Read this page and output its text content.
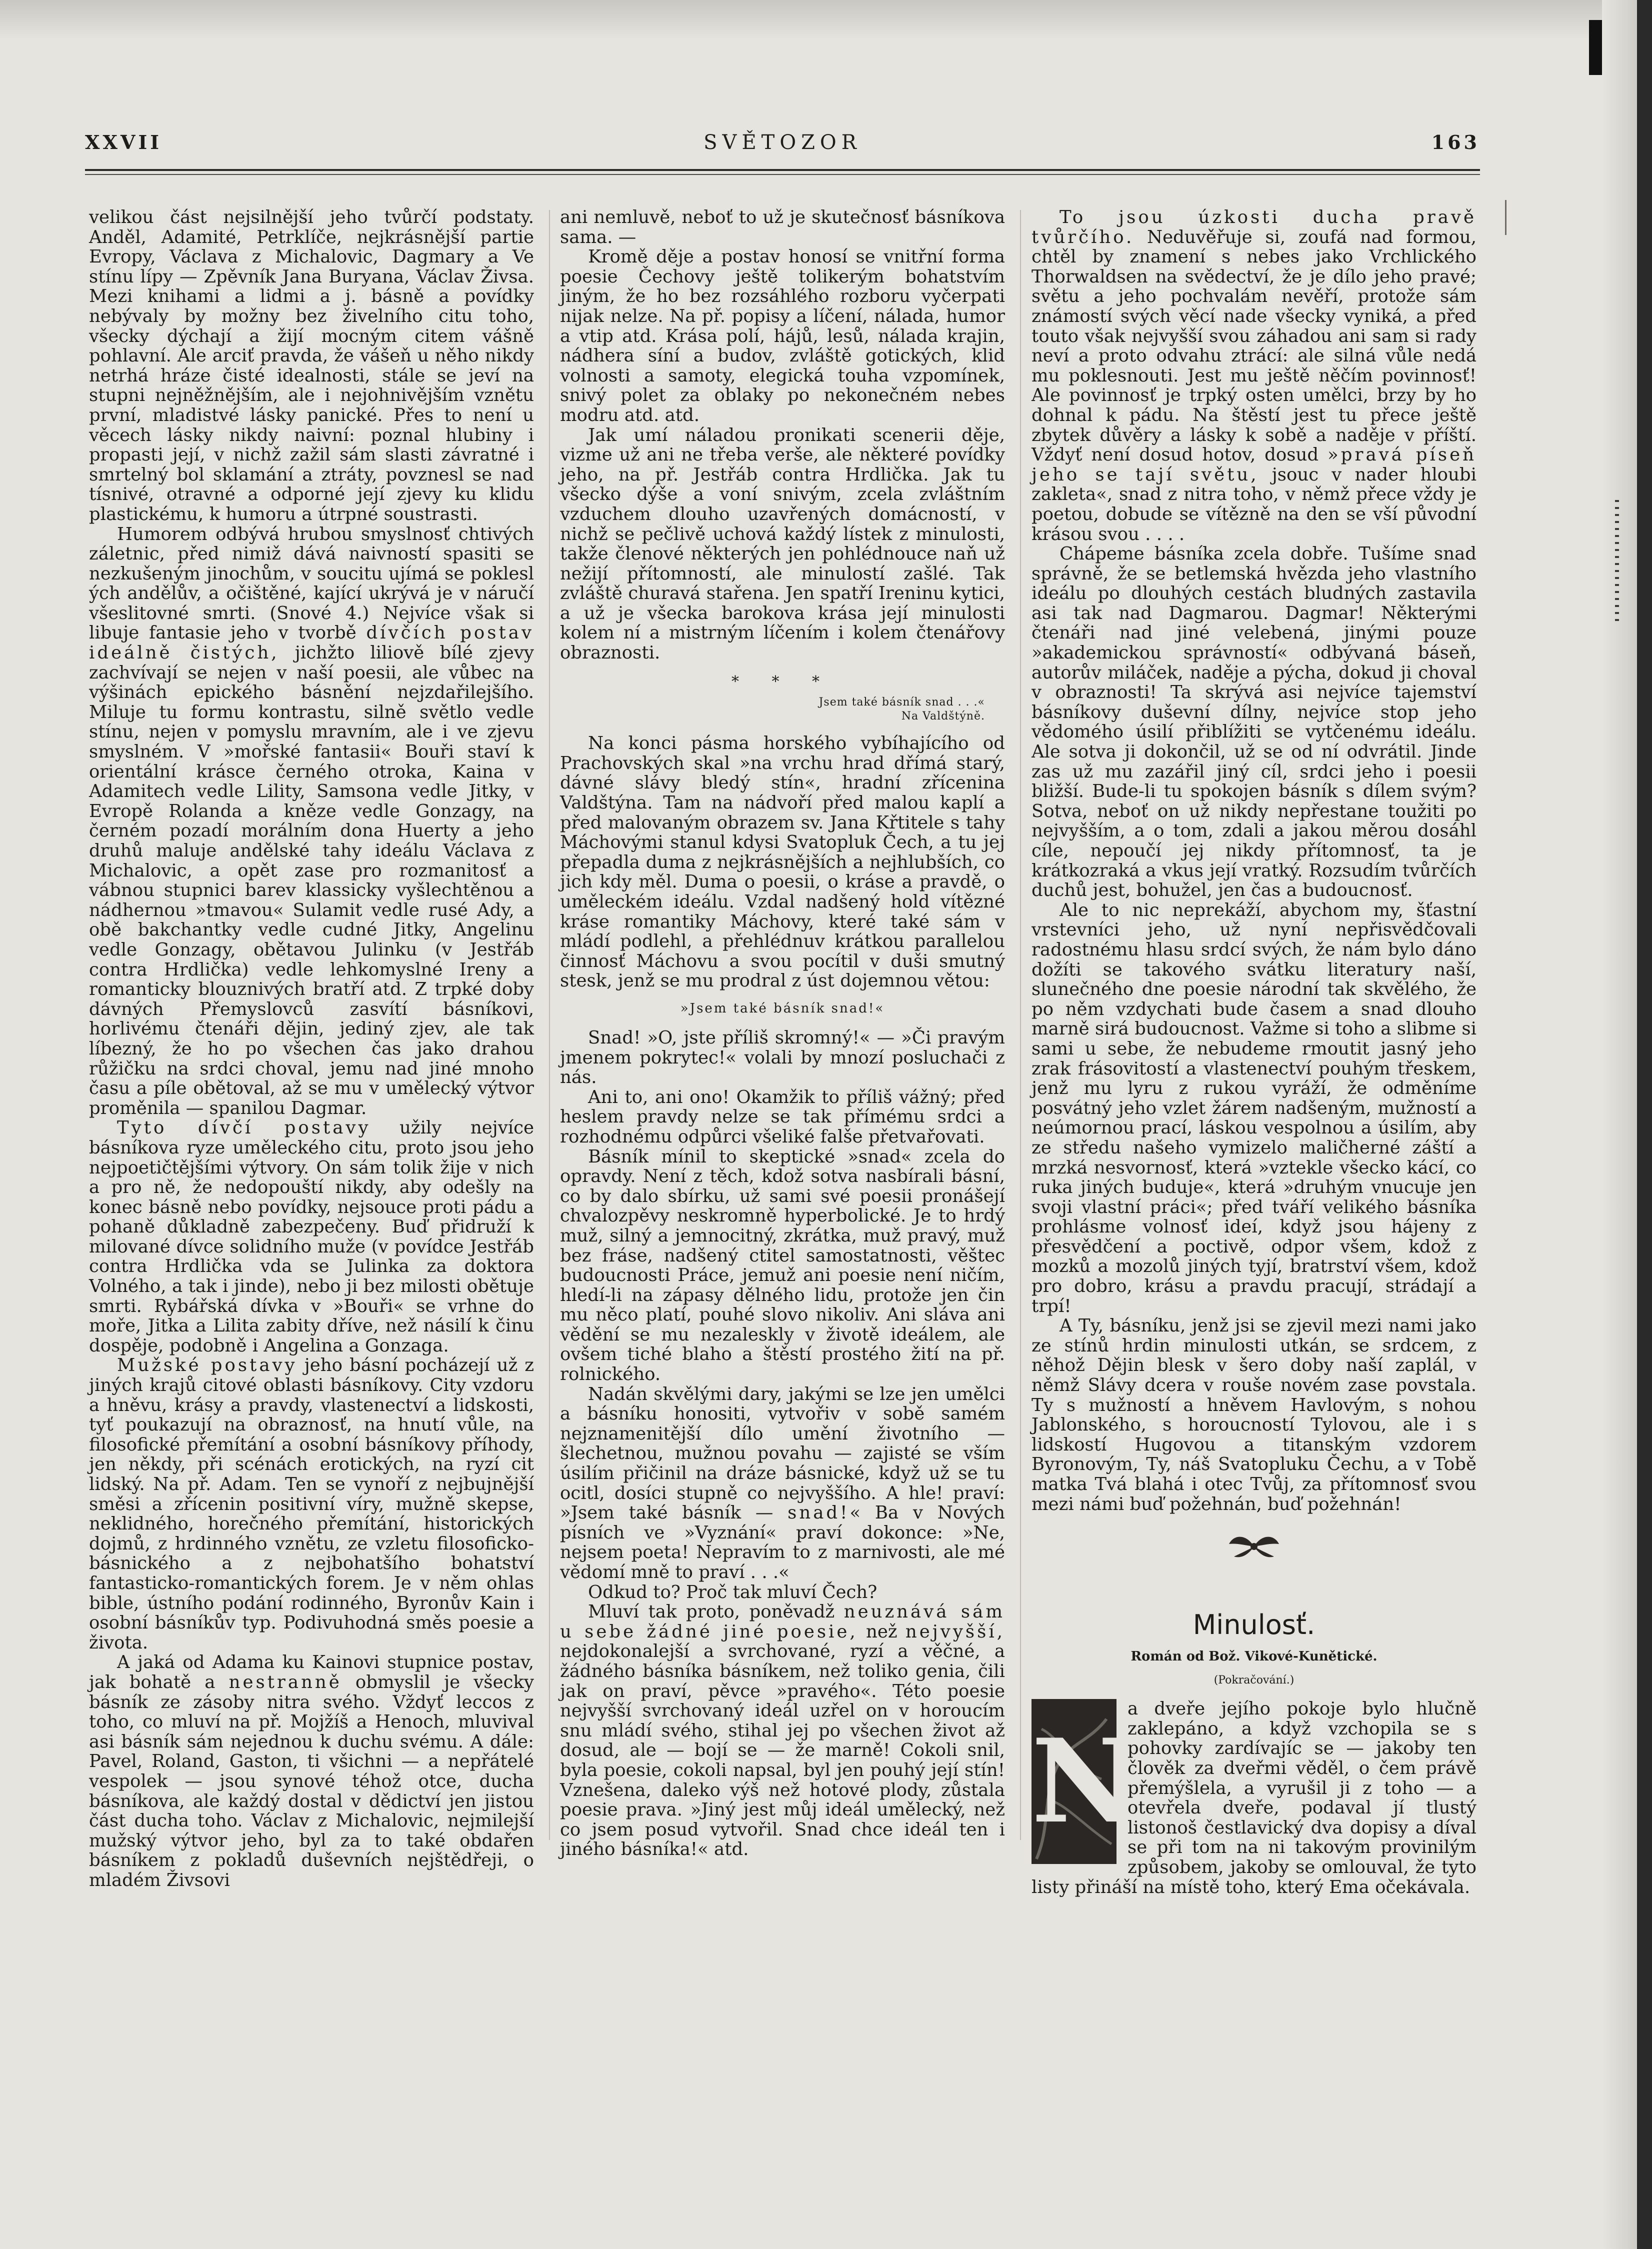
SVĚTOZOR
XXVII	163

velikou část nejsilnější jeho tvůrčí podstaty. Anděl, Adamité, Petrklíče, nejkrásnější partie Evropy, Václava z Michalovic, Dagmary a Ve stínu lípy — Zpěvník Jana Buryana, Václav Živsa. Mezi knihami a lidmi a j. básně a povídky nebývaly by možny bez živelního citu toho, všecky dýchají a žijí mocným citem vášně pohlavní. Ale arciť pravda, že vášeň u něho nikdy netrhá hráze čisté idealnosti, stále se jeví na stupni nejněžnějším, ale i nejohnivějším vznětu první, mladistvé lásky panické. Přes to není u věcech lásky nikdy naivní: poznal hlubiny i propasti její, v nichž zažil sám slasti závratné i smrtelný bol sklamání a ztráty, povznesl se nad tísnivé, otravné a odporné její zjevy ku klidu plastickému, k humoru a útrpné soustrasti.

Humorem odbývá hrubou smyslnosť chtivých záletnic, před nimiž dává naivností spasiti se nezkušeným jinochům, v soucitu ujímá se poklesl ých andělův, a očištěné, kající ukrývá je v náručí všeslitovné smrti. (Snové 4.) Nejvíce však si libuje fantasie jeho v tvorbě dívčích postav ideálně čistých, jichžto liliově bílé zjevy zachvívají se nejen v naší poesii, ale vůbec na výšinách epického básnění nejzdařilejšího. Miluje tu formu kontrastu, silně světlo vedle stínu, nejen v pomyslu mravním, ale i ve zjevu smyslném. V »mořské fantasii« Bouři staví k orientální krásce černého otroka, Kaina v Adamitech vedle Lility, Samsona vedle Jitky, v Evropě Rolanda a kněze vedle Gonzagy, na černém pozadí morálním dona Huerty a jeho druhů maluje andělské tahy ideálu Václava z Michalovic, a opět zase pro rozmanitosť a vábnou stupnici barev klassicky vyšlechtěnou a nádhernou »tmavou« Sulamit vedle rusé Ady, a obě bakchantky vedle cudné Jitky, Angelinu vedle Gonzagy, obětavou Julinku (v Jestřáb contra Hrdlička) vedle lehkomyslné Ireny a romanticky blouznivých bratří atd. Z trpké doby dávných Přemyslovců zasvítí básníkovi, horlivému čtenáři dějin, jediný zjev, ale tak líbezný, že ho po všechen čas jako drahou růžičku na srdci choval, jemu nad jiné mnoho času a píle obětoval, až se mu v umělecký výtvor proměnila — spanilou Dagmar.

Tyto dívčí postavy užily nejvíce básníkova ryze uměleckého citu, proto jsou jeho nejpoetičtějšími výtvory. On sám tolik žije v nich a pro ně, že nedopouští nikdy, aby odešly na konec básně nebo povídky, nejsouce proti pádu a pohaně důkladně zabezpečeny. Buď přidruží k milované dívce solidního muže (v povídce Jestřáb contra Hrdlička vda se Julinka za doktora Volného, a tak i jinde), nebo ji bez milosti obětuje smrti. Rybářská dívka v »Bouři« se vrhne do moře, Jitka a Lilita zabity dříve, než násilí k činu dospěje, podobně i Angelina a Gonzaga.

Mužské postavy jeho básní pocházejí už z jiných krajů citové oblasti básníkovy. City vzdoru a hněvu, krásy a pravdy, vlastenectví a lidskosti, tyť poukazují na obraznosť, na hnutí vůle, na filosofické přemítání a osobní básníkovy příhody, jen někdy, při scénách erotických, na ryzí cit lidský. Na př. Adam. Ten se vynoří z nejbujnější směsi a zřícenin positivní víry, mužně skepse, neklidného, horečného přemítání, historických dojmů, z hrdinného vznětu, ze vzletu filosoficko-básnického a z nejbohatšího bohatství fantasticko-romantických forem. Je v něm ohlas bible, ústního podání rodinného, Byronův Kain i osobní básníkův typ. Podivuhodná směs poesie a života.

A jaká od Adama ku Kainovi stupnice postav, jak bohatě a nestranně obmyslil je všecky básník ze zásoby nitra svého. Vždyť leccos z toho, co mluví na př. Mojžíš a Henoch, mluvival asi básník sám nejednou k duchu svému. A dále: Pavel, Roland, Gaston, ti všichni — a nepřátelé vespolek — jsou synové téhož otce, ducha básníkova, ale každý dostal v dědictví jen jistou část ducha toho. Václav z Michalovic, nejmilejší mužský výtvor jeho, byl za to také obdařen básníkem z pokladů duševních nejštědřeji, o mladém Živsovi

ani nemluvě, neboť to už je skutečnosť básníkova sama. —

Kromě děje a postav honosí se vnitřní forma poesie Čechovy ještě tolikerým bohatstvím jiným, že ho bez rozsáhlého rozboru vyčerpati nijak nelze. Na př. popisy a líčení, nálada, humor a vtip atd. Krása polí, hájů, lesů, nálada krajin, nádhera síní a budov, zvláště gotických, klid volnosti a samoty, elegická touha vzpomínek, snivý polet za oblaky po nekonečném nebes modru atd. atd.

Jak umí náladou pronikati scenerii děje, vizme už ani ne třeba verše, ale některé povídky jeho, na př. Jestřáb contra Hrdlička. Jak tu všecko dýše a voní snivým, zcela zvláštním vzduchem dlouho uzavřených domácností, v nichž se pečlivě uchová každý lístek z minulosti, takže členové některých jen pohlédnouce naň už nežijí přítomností, ale minulostí zašlé. Tak zvláště churavá stařena. Jen spatří Ireninu kytici, a už je všecka barokova krása její minulosti kolem ní a mistrným líčením i kolem čtenářovy obraznosti.

* * *
Jsem také básník snad . . .«
Na Valdštýně.

Na konci pásma horského vybíhajícího od Prachovských skal »na vrchu hrad dřímá starý, dávné slávy bledý stín«, hradní zřícenina Valdštýna. Tam na nádvoří před malou kaplí a před malovaným obrazem sv. Jana Křtitele s tahy Máchovými stanul kdysi Svatopluk Čech, a tu jej přepadla duma z nejkrásnějších a nejhlubších, co jich kdy měl. Duma o poesii, o kráse a pravdě, o uměleckém ideálu. Vzdal nadšený hold vítězné kráse romantiky Máchovy, které také sám v mládí podlehl, a přehlédnuv krátkou parallelou činnosť Máchovu a svou pocítil v duši smutný stesk, jenž se mu prodral z úst dojemnou větou:

»Jsem také básník snad!«

Snad! »O, jste příliš skromný!« — »Či pravým jmenem pokrytec!« volali by mnozí posluchači z nás.

Ani to, ani ono! Okamžik to příliš vážný; před heslem pravdy nelze se tak přímému srdci a rozhodnému odpůrci všeliké falše přetvařovati.

Básník mínil to skeptické »snad« zcela do opravdy. Není z těch, kdož sotva nasbírali básní, co by dalo sbírku, už sami své poesii pronášejí chvalozpěvy neskromně hyperbolické. Je to hrdý muž, silný a jemnocitný, zkrátka, muž pravý, muž bez fráse, nadšený ctitel samostatnosti, věštec budoucnosti Práce, jemuž ani poesie není ničím, hledí-li na zápasy dělného lidu, protože jen čin mu něco platí, pouhé slovo nikoliv. Ani sláva ani vědění se mu nezaleskly v životě ideálem, ale ovšem tiché blaho a štěstí prostého žití na př. rolnického.

Nadán skvělými dary, jakými se lze jen umělci a básníku honositi, vytvořiv v sobě samém nejznamenitější dílo umění životního — šlechetnou, mužnou povahu — zajisté se vším úsilím přičinil na dráze básnické, když už se tu ocitl, dosíci stupně co nejvyššího. A hle! praví: »Jsem také básník — snad!« Ba v Nových písních ve »Vyznání« praví dokonce: »Ne, nejsem poeta! Nepravím to z marnivosti, ale mé vědomí mně to praví . . .«

Odkud to? Proč tak mluví Čech?

Mluví tak proto, poněvadž neuznává sám u sebe žádné jiné poesie, než nejvyšší, nejdokonalejší a svrchované, ryzí a věčné, a žádného básníka básníkem, než toliko genia, čili jak on praví, pěvce »pravého«. Této poesie nejvyšší svrchovaný ideál uzřel on v horoucím snu mládí svého, stihal jej po všechen život až dosud, ale — bojí se — že marně! Cokoli snil, byla poesie, cokoli napsal, byl jen pouhý její stín! Vznešena, daleko výš než hotové plody, zůstala poesie prava. »Jiný jest můj ideál umělecký, než co jsem posud vytvořil. Snad chce ideál ten i jiného básníka!« atd.

To jsou úzkosti ducha pravě tvůrčího. Neduvěřuje si, zoufá nad formou, chtěl by znamení s nebes jako Vrchlického Thorwaldsen na svědectví, že je dílo jeho pravé; světu a jeho pochvalám nevěří, protože sám známostí svých věcí nade všecky vyniká, a před touto však nejvyšší svou záhadou ani sam si rady neví a proto odvahu ztrácí: ale silná vůle nedá mu poklesnouti. Jest mu ještě něčím povinnosť! Ale povinnosť je trpký osten umělci, brzy by ho dohnal k pádu. Na štěstí jest tu přece ještě zbytek důvěry a lásky k sobě a naděje v příští. Vždyť není dosud hotov, dosud »pravá píseň jeho se tají světu, jsouc v nader hloubi zakleta«, snad z nitra toho, v němž přece vždy je poetou, dobude se vítězně na den se vší původní krásou svou . . . .

Chápeme básníka zcela dobře. Tušíme snad správně, že se betlemská hvězda jeho vlastního ideálu po dlouhých cestách bludných zastavila asi tak nad Dagmarou. Dagmar! Některými čtenáři nad jiné velebená, jinými pouze »akademickou správností« odbývaná báseň, autorův miláček, naděje a pýcha, dokud ji choval v obraznosti! Ta skrývá asi nejvíce tajemství básníkovy duševní dílny, nejvíce stop jeho vědomého úsilí přiblížiti se vytčenému ideálu. Ale sotva ji dokončil, už se od ní odvrátil. Jinde zas už mu zazářil jiný cíl, srdci jeho i poesii bližší. Bude-li tu spokojen básník s dílem svým? Sotva, neboť on už nikdy nepřestane toužiti po nejvyšším, a o tom, zdali a jakou měrou dosáhl cíle, nepoučí jej nikdy přítomnosť, ta je krátkozraká a vkus její vratký. Rozsudím tvůrčích duchů jest, bohužel, jen čas a budoucnosť.

Ale to nic neprekáží, abychom my, šťastní vrstevníci jeho, už nyní nepřisvědčovali radostnému hlasu srdcí svých, že nám bylo dáno dožíti se takového svátku literatury naší, slunečného dne poesie národní tak skvělého, že po něm vzdychati bude časem a snad dlouho marně sirá budoucnost. Važme si toho a slibme si sami u sebe, že nebudeme rmoutit jasný jeho zrak frásovitostí a vlastenectví pouhým třeskem, jenž mu lyru z rukou vyráží, že odměníme posvátný jeho vzlet žárem nadšeným, mužností a neúmornou prací, láskou vespolnou a úsilím, aby ze středu našeho vymizelo maličherné záští a mrzká nesvornosť, která »vztekle všecko kácí, co ruka jiných buduje«, která »druhým vnucuje jen svoji vlastní práci«; před tváří velikého básníka prohlásme volnosť ideí, když jsou hájeny z přesvědčení a poctivě, odpor všem, kdož z mozků a mozolů jiných tyjí, bratrství všem, kdož pro dobro, krásu a pravdu pracují, strádají a trpí!

A Ty, básníku, jenž jsi se zjevil mezi nami jako ze stínů hrdin minulosti utkán, se srdcem, z něhož Dějin blesk v šero doby naší zaplál, v němž Slávy dcera v rouše novém zase povstala. Ty s mužností a hněvem Havlovým, s nohou Jablonského, s horoucností Tylovou, ale i s lidskostí Hugovou a titanským vzdorem Byronovým, Ty, náš Svatopluku Čechu, a v Tobě matka Tvá blahá i otec Tvůj, za přítomnosť svou mezi námi buď požehnán, buď požehnán!

Minulosť.
Román od Bož. Vikové-Kunětické.
(Pokračování.)
N

a dveře jejího pokoje bylo hlučně zaklepáno, a když vzchopila se s pohovky zardívajíc se — jakoby ten člověk za dveřmi věděl, o čem právě přemýšlela, a vyrušil ji z toho — a otevřela dveře, podaval jí tlustý listonoš čestlavický dva dopisy a díval se při tom na ni takovým provinilým způsobem, jakoby se omlouval, že tyto listy přináší na místě toho, který Ema očekávala.
